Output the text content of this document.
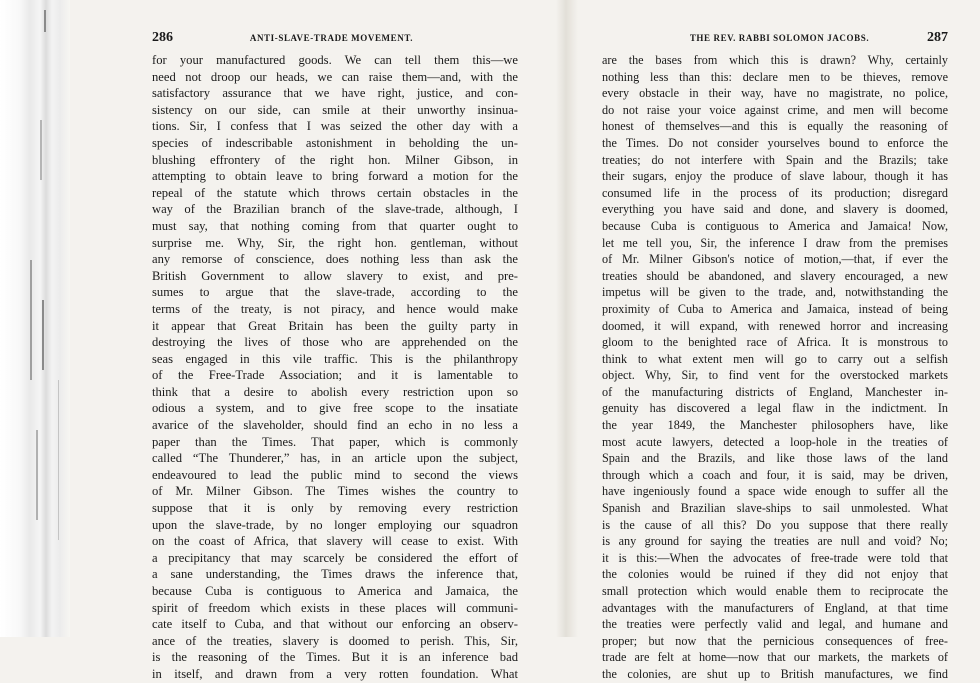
286	ANTI-SLAVE-TRADE MOVEMENT.

for your manufactured goods. We can tell them this—we

need not droop our heads, we can raise them—and, with the

satisfactory assurance that we have right, justice, and con-

sistency on our side, can smile at their unworthy insinua-

tions. Sir, I confess that I was seized the other day with a

species of indescribable astonishment in beholding the un-

blushing effrontery of the right hon. Milner Gibson, in

attempting to obtain leave to bring forward a motion for the

repeal of the statute which throws certain obstacles in the

way of the Brazilian branch of the slave-trade, although, I

must say, that nothing coming from that quarter ought to

surprise me. Why, Sir, the right hon. gentleman, without

any remorse of conscience, does nothing less than ask the

British Government to allow slavery to exist, and pre-

sumes to argue that the slave-trade, according to the

terms of the treaty, is not piracy, and hence would make

it appear that Great Britain has been the guilty party in

destroying the lives of those who are apprehended on the

seas engaged in this vile traffic. This is the philanthropy

of the Free-Trade Association; and it is lamentable to

think that a desire to abolish every restriction upon so

odious a system, and to give free scope to the insatiate

avarice of the slaveholder, should find an echo in no less a

paper than the Times. That paper, which is commonly

called “The Thunderer,” has, in an article upon the subject,

endeavoured to lead the public mind to second the views

of Mr. Milner Gibson. The Times wishes the country to

suppose that it is only by removing every restriction

upon the slave-trade, by no longer employing our squadron

on the coast of Africa, that slavery will cease to exist. With

a precipitancy that may scarcely be considered the effort of

a sane understanding, the Times draws the inference that,

because Cuba is contiguous to America and Jamaica, the

spirit of freedom which exists in these places will communi-

cate itself to Cuba, and that without our enforcing an observ-

ance of the treaties, slavery is doomed to perish. This, Sir,

is the reasoning of the Times. But it is an inference bad

in itself, and drawn from a very rotten foundation. What

THE REV. RABBI SOLOMON JACOBS.	287

are the bases from which this is drawn? Why, certainly

nothing less than this: declare men to be thieves, remove

every obstacle in their way, have no magistrate, no police,

do not raise your voice against crime, and men will become

honest of themselves—and this is equally the reasoning of

the Times. Do not consider yourselves bound to enforce the

treaties; do not interfere with Spain and the Brazils; take

their sugars, enjoy the produce of slave labour, though it has

consumed life in the process of its production; disregard

everything you have said and done, and slavery is doomed,

because Cuba is contiguous to America and Jamaica! Now,

let me tell you, Sir, the inference I draw from the premises

of Mr. Milner Gibson's notice of motion,—that, if ever the

treaties should be abandoned, and slavery encouraged, a new

impetus will be given to the trade, and, notwithstanding the

proximity of Cuba to America and Jamaica, instead of being

doomed, it will expand, with renewed horror and increasing

gloom to the benighted race of Africa. It is monstrous to

think to what extent men will go to carry out a selfish

object. Why, Sir, to find vent for the overstocked markets

of the manufacturing districts of England, Manchester in-

genuity has discovered a legal flaw in the indictment. In

the year 1849, the Manchester philosophers have, like

most acute lawyers, detected a loop-hole in the treaties of

Spain and the Brazils, and like those laws of the land

through which a coach and four, it is said, may be driven,

have ingeniously found a space wide enough to suffer all the

Spanish and Brazilian slave-ships to sail unmolested. What

is the cause of all this? Do you suppose that there really

is any ground for saying the treaties are null and void? No;

it is this:—When the advocates of free-trade were told that

the colonies would be ruined if they did not enjoy that

small protection which would enable them to reciprocate the

advantages with the manufacturers of England, at that time

the treaties were perfectly valid and legal, and humane and

proper; but now that the pernicious consequences of free-

trade are felt at home—now that our markets, the markets of

the colonies, are shut up to British manufactures, we find
